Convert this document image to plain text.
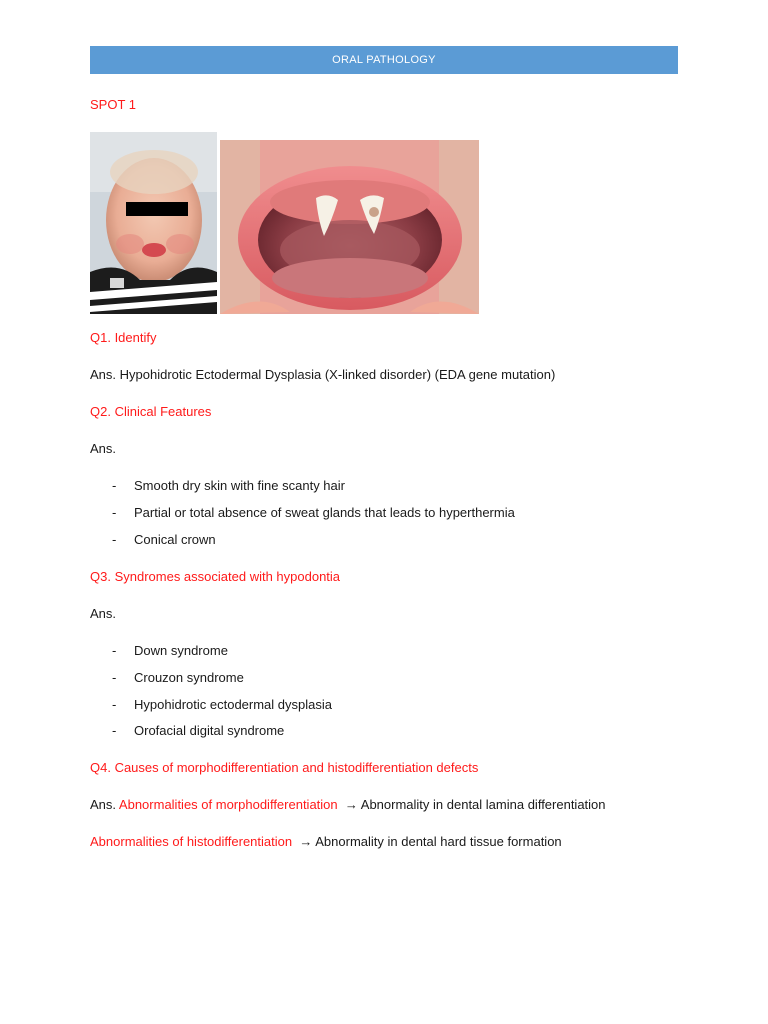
ORAL PATHOLOGY
SPOT 1
Q1. Identify
Ans. Hypohidrotic Ectodermal Dysplasia (X-linked disorder) (EDA gene mutation)
Q2. Clinical Features
Ans.
- Smooth dry skin with fine scanty hair
- Partial or total absence of sweat glands that leads to hyperthermia
- Conical crown
Q3. Syndromes associated with hypodontia
Ans.
- Down syndrome
- Crouzon syndrome
- Hypohidrotic ectodermal dysplasia
- Orofacial digital syndrome
Q4. Causes of morphodifferentiation and histodifferentiation defects
Ans. Abnormalities of morphodifferentiation → Abnormality in dental lamina differentiation
Abnormalities of histodifferentiation → Abnormality in dental hard tissue formation
